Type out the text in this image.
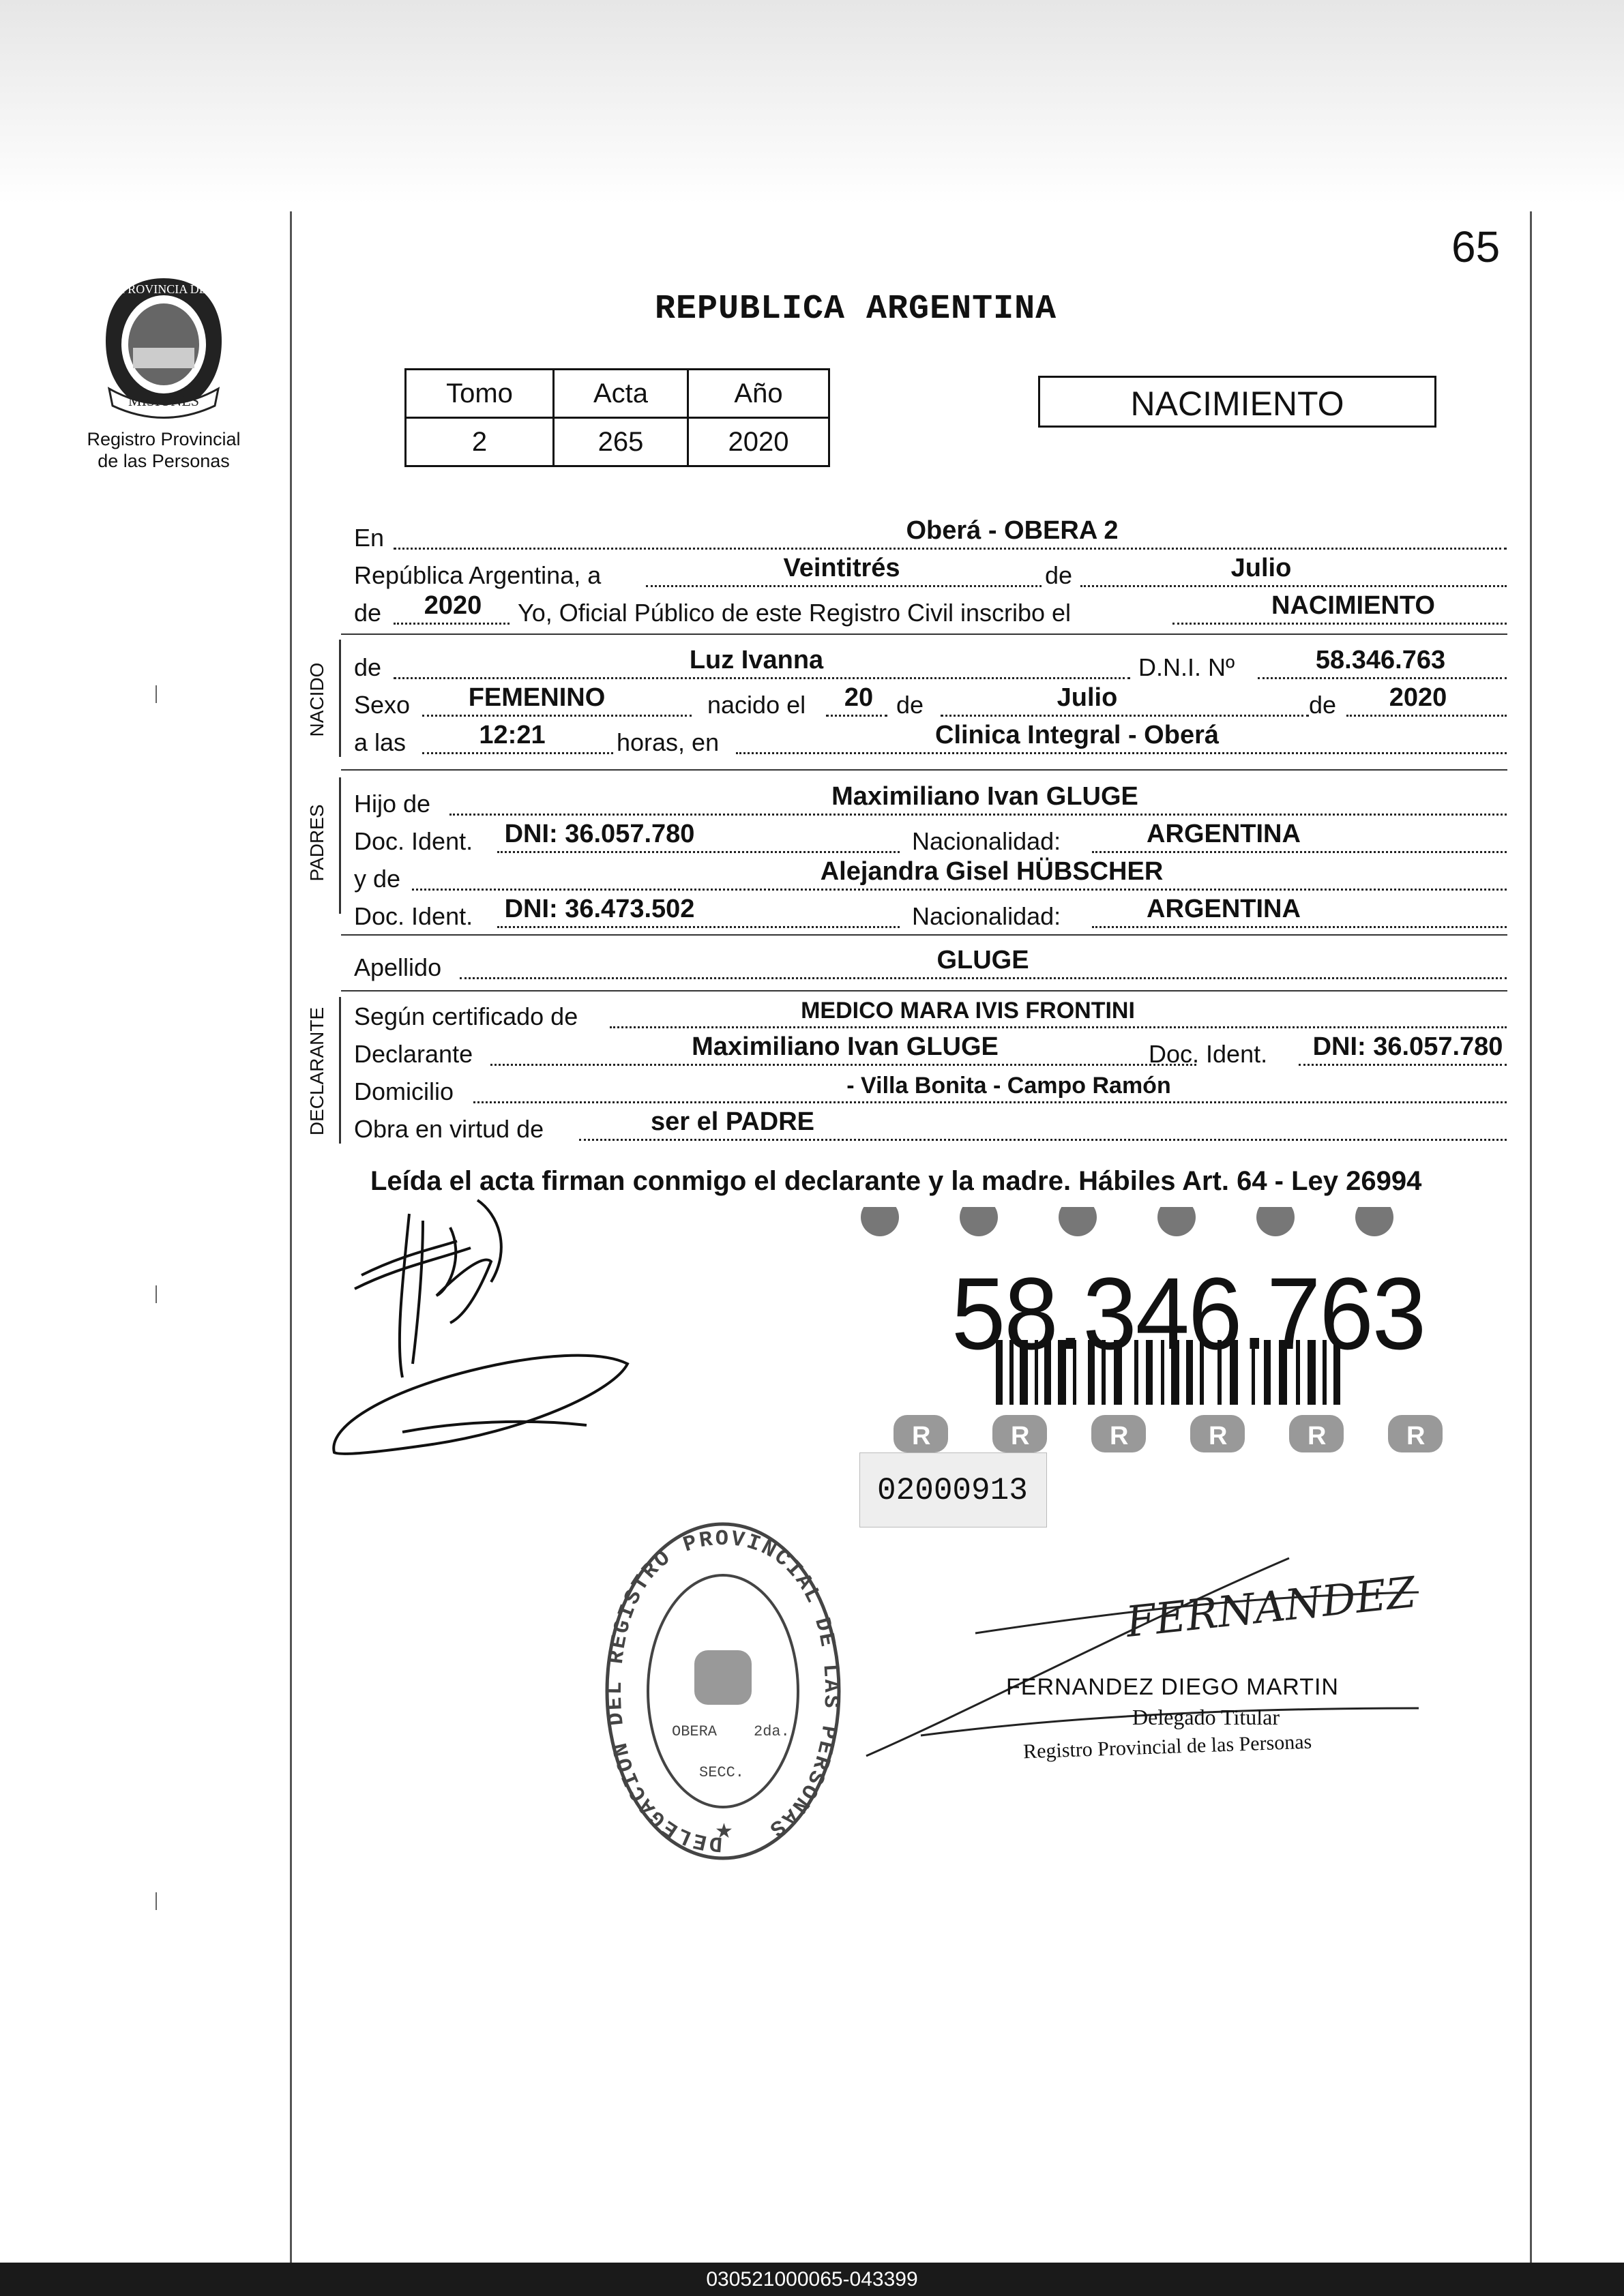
65
REPUBLICA ARGENTINA
PROVINCIA DE
MISIONES
Registro Provincial
de las Personas
Tomo	Acta	Año
2	265	2020
NACIMIENTO
En	Oberá - OBERA 2
República Argentina, a	Veintitrés	de	Julio
de 2020 Yo, Oficial Público de este Registro Civil inscribo el	NACIMIENTO
NACIDO de	Luz Ivanna	D.N.I. Nº	58.346.763
Sexo FEMENINO	nacido el 20 de	Julio	de 2020
a las	12:21	horas, en	Clinica Integral - Oberá
PADRES
Hijo de	Maximiliano Ivan GLUGE
Doc. Ident. DNI: 36.057.780	Nacionalidad:	ARGENTINA
y de	Alejandra Gisel HÜBSCHER
Doc. Ident. DNI: 36.473.502	Nacionalidad:	ARGENTINA
Apellido	GLUGE
DECLARANTE Según certificado de	MEDICO MARA IVIS FRONTINI
Declarante	Maximiliano Ivan GLUGE	Doc. Ident. DNI: 36.057.780
Domicilio	- Villa Bonita - Campo Ramón
Obra en virtud de	ser el PADRE
Leída el acta firman conmigo el declarante y la madre. Hábiles Art. 64 - Ley 26994
R	R	R	R	R	R
58.346.763
02000913
DELEGACION DEL REGISTRO PROVINCIAL DE LAS PERSONAS
OBERA 2da.
SECC.
★
FERNANDEZ
FERNANDEZ DIEGO MARTIN
Delegado Titular
Registro Provincial de las Personas
030521000065-043399
